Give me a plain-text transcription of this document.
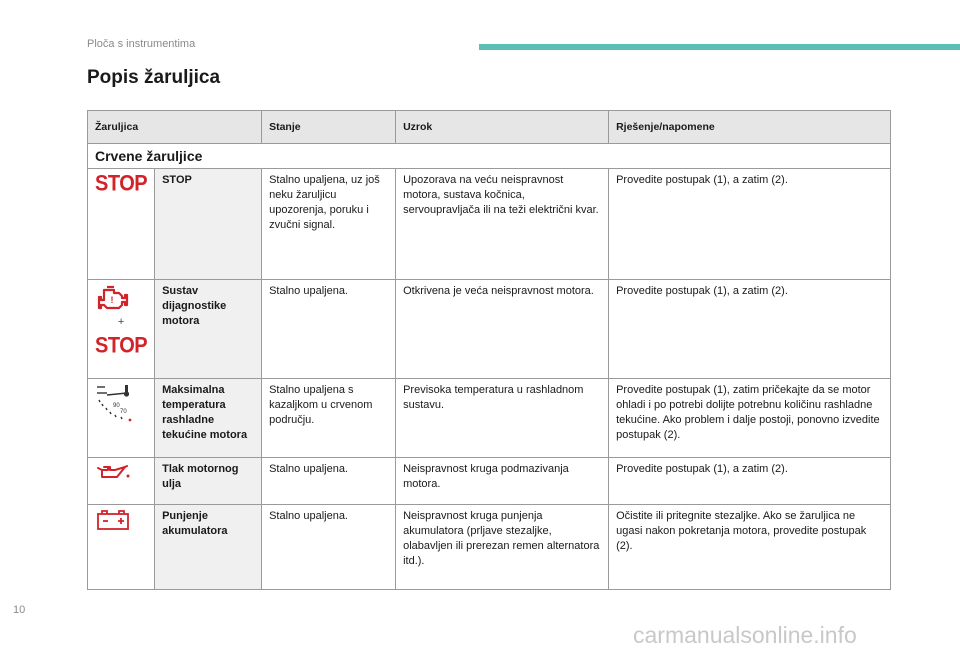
Ploča s instrumentima
Popis žaruljica
Žaruljica		Stanje	Uzrok	Rješenje/napomene
Crvene žaruljice				

STOP	STOP	Stalno upaljena, uz još neku žaruljicu upozorenja, poruku i zvučni signal.	Upozorava na veću neispravnost motora, sustava kočnica, servoupravljača ili na teži električni kvar.	Provedite postupak (1), a zatim (2).

!
+
STOP	Sustav dijagnostike motora	Stalno upaljena.	Otkrivena je veća neispravnost motora.	Provedite postupak (1), a zatim (2).

90
70	Maksimalna temperatura rashladne tekućine motora	Stalno upaljena s kazaljkom u crvenom području.	Previsoka temperatura u rashladnom sustavu.	Provedite postupak (1), zatim pričekajte da se motor ohladi i po potrebi dolijte potrebnu količinu rashladne tekućine. Ako problem i dalje postoji, ponovno izvedite postupak (2).

	Tlak motornog ulja	Stalno upaljena.	Neispravnost kruga podmazivanja motora.	Provedite postupak (1), a zatim (2).

	Punjenje akumulatora	Stalno upaljena.	Neispravnost kruga punjenja akumulatora (prljave stezaljke, olabavljen ili prerezan remen alternatora itd.).	Očistite ili pritegnite stezaljke. Ako se žaruljica ne ugasi nakon pokretanja motora, provedite postupak (2).
10
carmanualsonline.info
